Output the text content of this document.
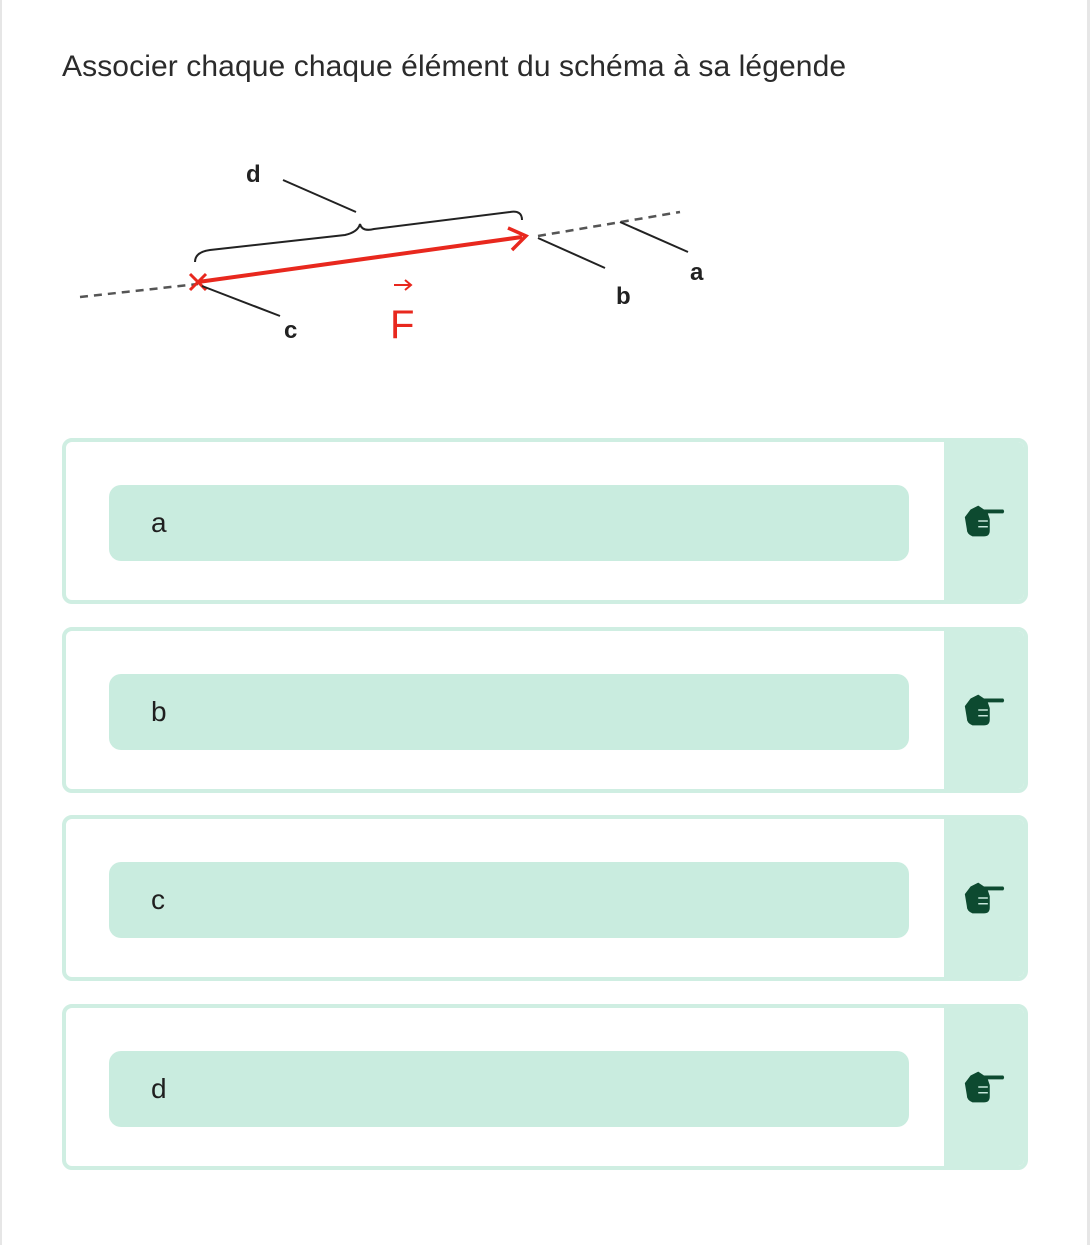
Associer chaque chaque élément du schéma à sa légende
d
a
b
c F
a
b
c
d
